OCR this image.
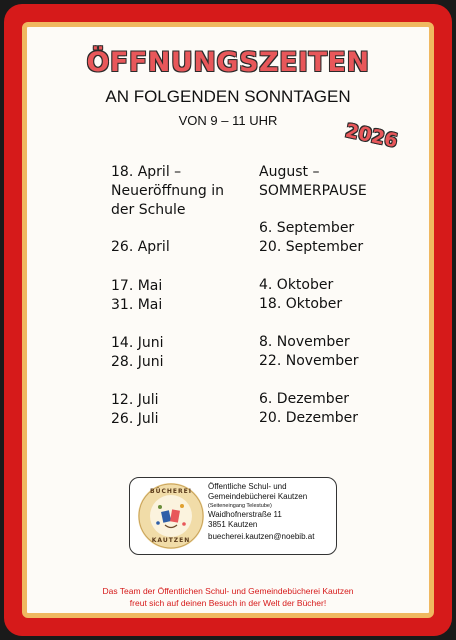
ÖFFNUNGSZEITEN
AN FOLGENDEN SONNTAGEN
VON 9 – 11 UHR	2026
18. April –
Neueröffnung in
der Schule
26. April
17. Mai
31. Mai
14. Juni
28. Juni
12. Juli
26. Juli
August –
SOMMERPAUSE
6. September
20. September
4. Oktober
18. Oktober
8. November
22. November
6. Dezember
20. Dezember
BÜCHEREI
KAUTZEN
Öffentliche Schul- und
Gemeindebücherei Kautzen
(Seiteneingang Telestube)
Waidhofnerstraße 11
3851 Kautzen
buecherei.kautzen@noebib.at
Das Team der Öffentlichen Schul- und Gemeindebücherei Kautzen
freut sich auf deinen Besuch in der Welt der Bücher!
